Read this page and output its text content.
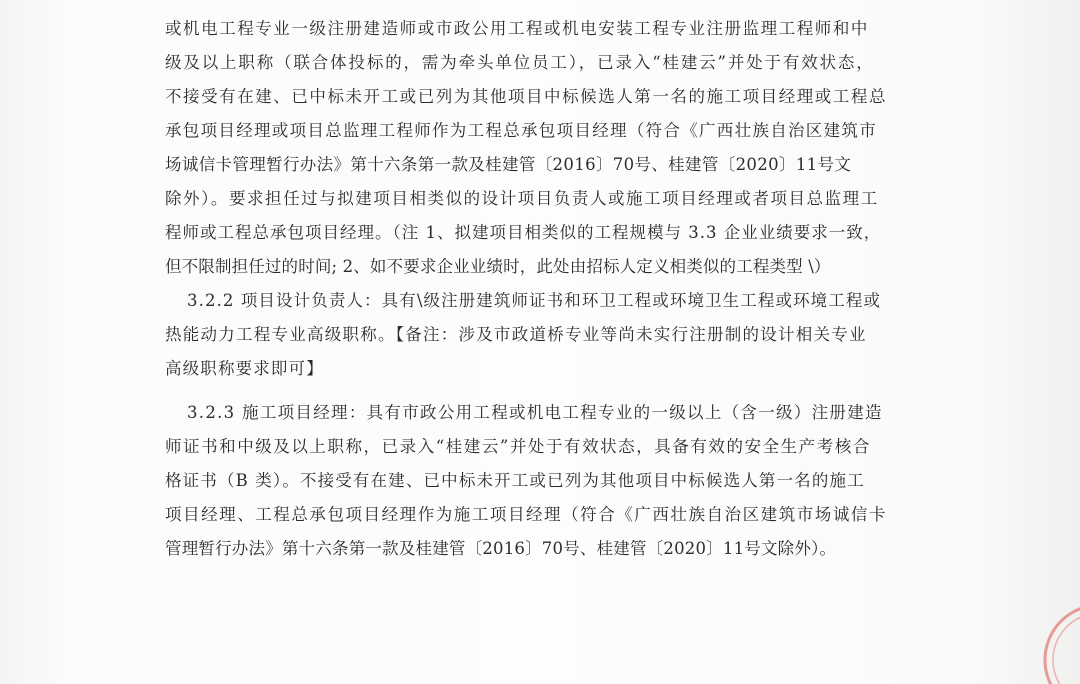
或机电工程专业一级注册建造师或市政公用工程或机电安装工程专业注册监理工程师和中
级及以上职称（联合体投标的，需为牵头单位员工），已录入“桂建云”并处于有效状态，
不接受有在建、已中标未开工或已列为其他项目中标候选人第一名的施工项目经理或工程总
承包项目经理或项目总监理工程师作为工程总承包项目经理（符合《广西壮族自治区建筑市
场诚信卡管理暂行办法》第十六条第一款及桂建管〔2016〕70号、桂建管〔2020〕11号文
除外）。要求担任过与拟建项目相类似的设计项目负责人或施工项目经理或者项目总监理工
程师或工程总承包项目经理。（注 1、拟建项目相类似的工程规模与 3.3 企业业绩要求一致，
但不限制担任过的时间; 2、如不要求企业业绩时，此处由招标人定义相类似的工程类型 \）
3.2.2 项目设计负责人：具有\级注册建筑师证书和环卫工程或环境卫生工程或环境工程或
热能动力工程专业高级职称。【备注：涉及市政道桥专业等尚未实行注册制的设计相关专业
高级职称要求即可】
3.2.3 施工项目经理：具有市政公用工程或机电工程专业的一级以上（含一级）注册建造
师证书和中级及以上职称，已录入“桂建云”并处于有效状态，具备有效的安全生产考核合
格证书（B 类）。不接受有在建、已中标未开工或已列为其他项目中标候选人第一名的施工
项目经理、工程总承包项目经理作为施工项目经理（符合《广西壮族自治区建筑市场诚信卡
管理暂行办法》第十六条第一款及桂建管〔2016〕70号、桂建管〔2020〕11号文除外）。
